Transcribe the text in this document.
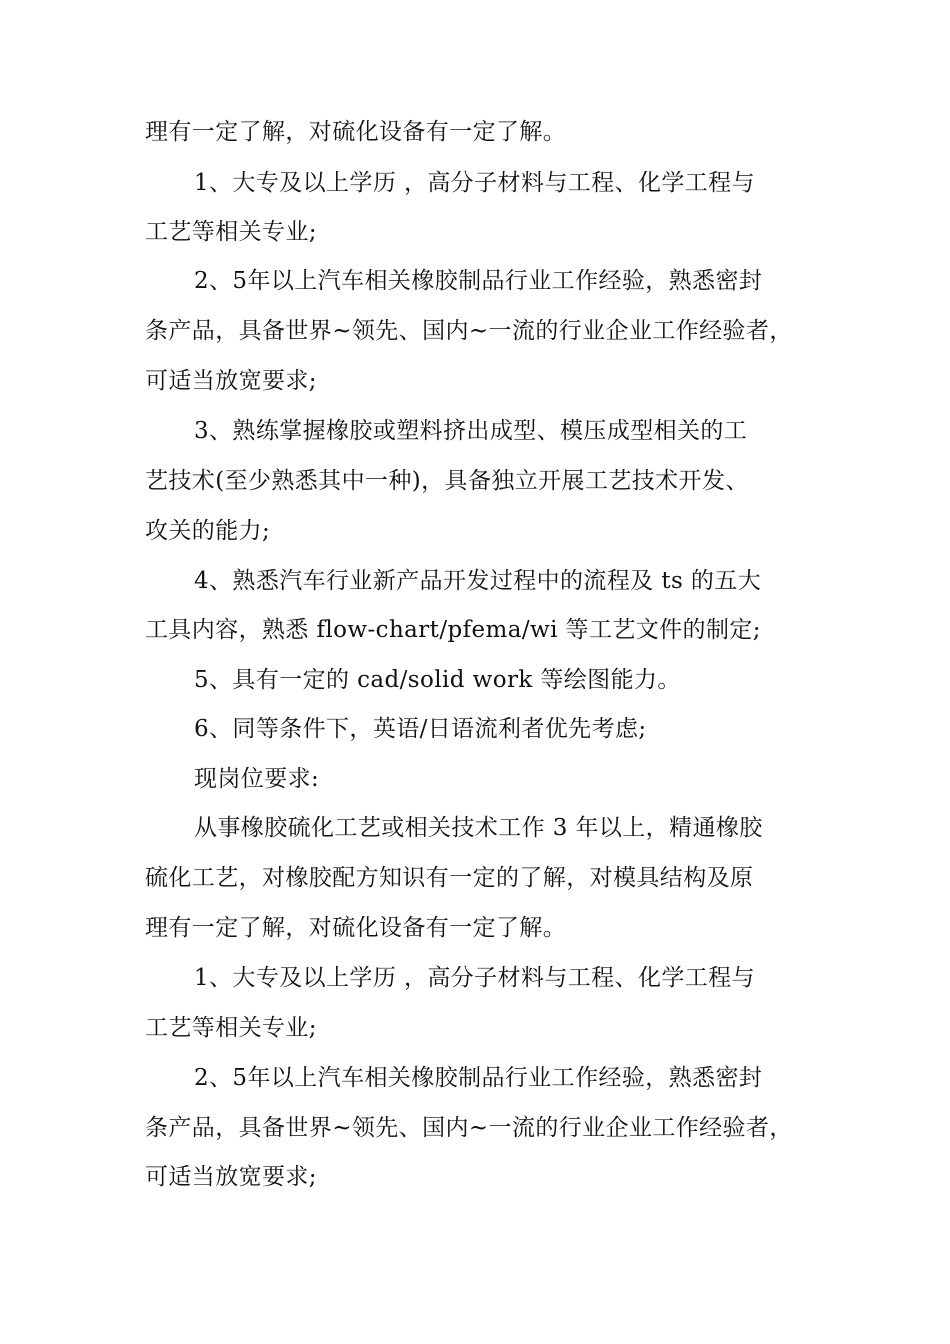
理有一定了解，对硫化设备有一定了解。
1、大专及以上学历 ，高分子材料与工程、化学工程与
工艺等相关专业;
2、5年以上汽车相关橡胶制品行业工作经验，熟悉密封
条产品，具备世界~领先、国内~一流的行业企业工作经验者，
可适当放宽要求;
3、熟练掌握橡胶或塑料挤出成型、模压成型相关的工
艺技术(至少熟悉其中一种)，具备独立开展工艺技术开发、
攻关的能力;
4、熟悉汽车行业新产品开发过程中的流程及 ts 的五大
工具内容，熟悉 flow-chart/pfema/wi 等工艺文件的制定;
5、具有一定的 cad/solid work 等绘图能力。
6、同等条件下，英语/日语流利者优先考虑;
现岗位要求:
从事橡胶硫化工艺或相关技术工作 3 年以上，精通橡胶
硫化工艺，对橡胶配方知识有一定的了解，对模具结构及原
理有一定了解，对硫化设备有一定了解。
1、大专及以上学历 ，高分子材料与工程、化学工程与
工艺等相关专业;
2、5年以上汽车相关橡胶制品行业工作经验，熟悉密封
条产品，具备世界~领先、国内~一流的行业企业工作经验者，
可适当放宽要求;
